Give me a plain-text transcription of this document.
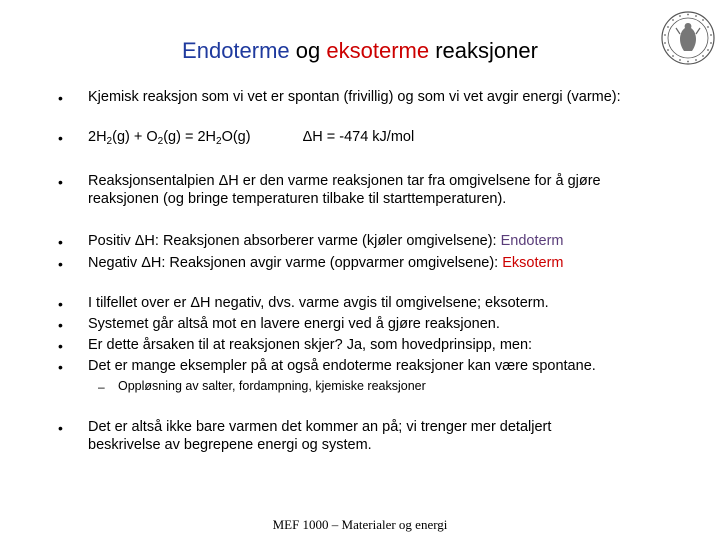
Endoterme og eksoterme reaksjoner
•	Kjemisk reaksjon som vi vet er spontan (frivillig) og som vi vet avgir energi (varme):
•	$2H_2(g) + O_2(g) = 2H_2O(g)$	ΔH = -474 kJ/mol
•	Reaksjonsentalpien ΔH er den varme reaksjonen tar fra omgivelsene for å gjøre
reaksjonen (og bringe temperaturen tilbake til starttemperaturen).
•	Positiv ΔH: Reaksjonen absorberer varme (kjøler omgivelsene): Endoterm
•	Negativ ΔH: Reaksjonen avgir varme (oppvarmer omgivelsene): Eksoterm
•	I tilfellet over er ΔH negativ, dvs. varme avgis til omgivelsene; eksoterm.
•	Systemet går altså mot en lavere energi ved å gjøre reaksjonen.
•	Er dette årsaken til at reaksjonen skjer? Ja, som hovedprinsipp, men:
•	Det er mange eksempler på at også endoterme reaksjoner kan være spontane.
– Oppløsning av salter, fordampning, kjemiske reaksjoner
•	Det er altså ikke bare varmen det kommer an på; vi trenger mer detaljert
beskrivelse av begrepene energi og system.
MEF 1000 – Materialer og energi
